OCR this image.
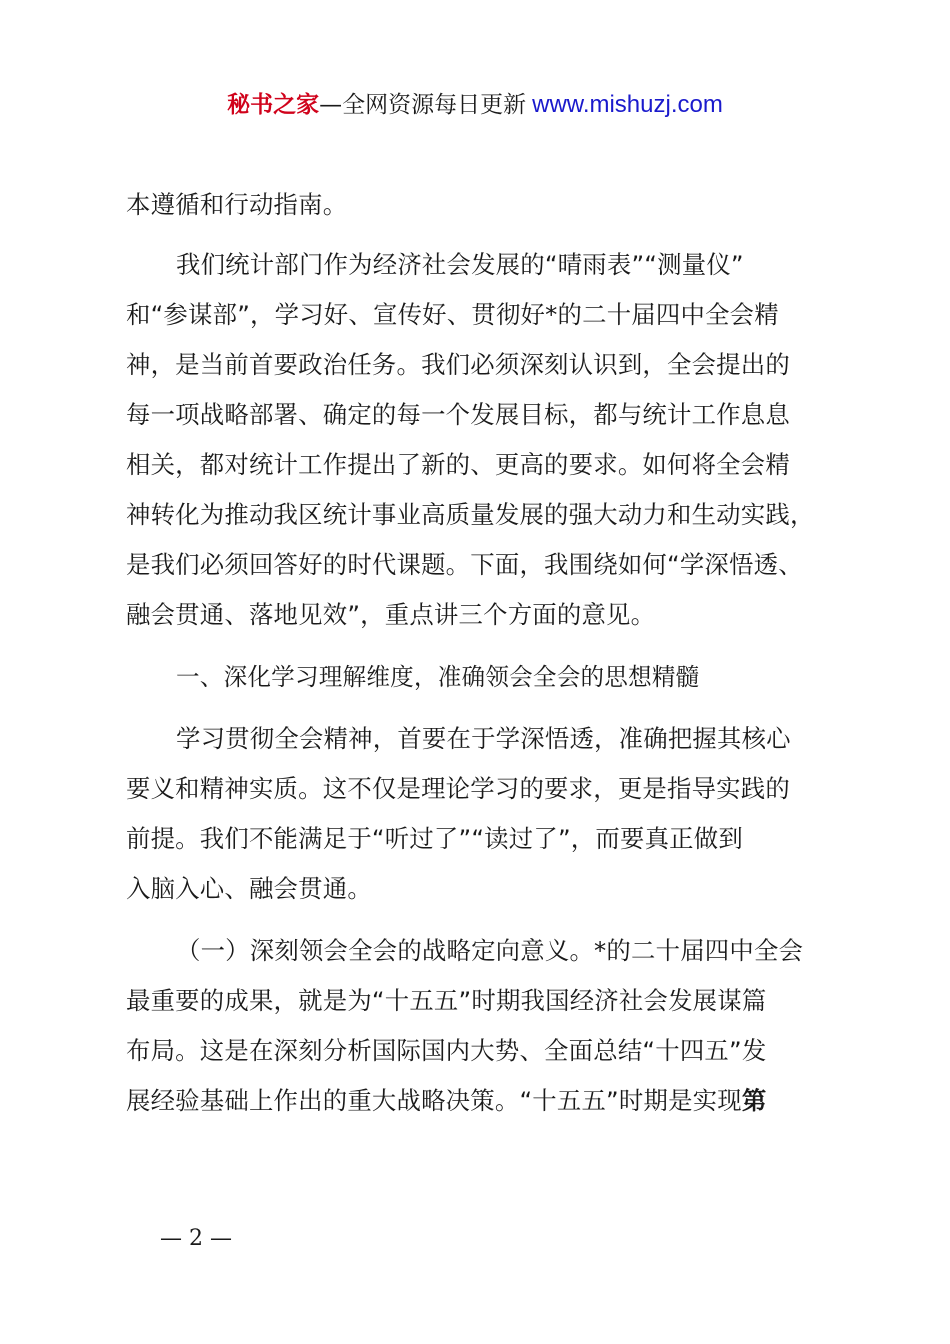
秘书之家—全网资源每日更新 www.mishuzj.com
本遵循和行动指南。
我们统计部门作为经济社会发展的“晴雨表”“测量仪”
和“参谋部”，学习好、宣传好、贯彻好*的二十届四中全会精
神，是当前首要政治任务。我们必须深刻认识到，全会提出的
每一项战略部署、确定的每一个发展目标，都与统计工作息息
相关，都对统计工作提出了新的、更高的要求。如何将全会精
神转化为推动我区统计事业高质量发展的强大动力和生动实践，
是我们必须回答好的时代课题。下面，我围绕如何“学深悟透、
融会贯通、落地见效”，重点讲三个方面的意见。
一、深化学习理解维度，准确领会全会的思想精髓
学习贯彻全会精神，首要在于学深悟透，准确把握其核心
要义和精神实质。这不仅是理论学习的要求，更是指导实践的
前提。我们不能满足于“听过了”“读过了”，而要真正做到
入脑入心、融会贯通。
（一）深刻领会全会的战略定向意义。*的二十届四中全会
最重要的成果，就是为“十五五”时期我国经济社会发展谋篇
布局。这是在深刻分析国际国内大势、全面总结“十四五”发
展经验基础上作出的重大战略决策。“十五五”时期是实现第
— 2 —
